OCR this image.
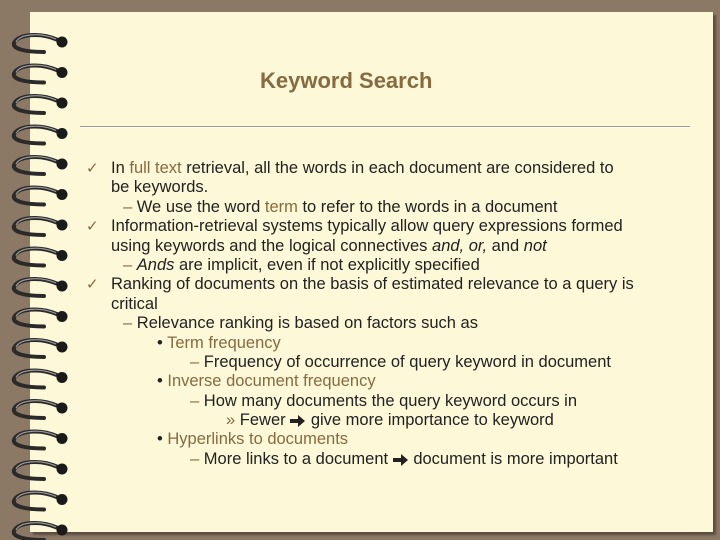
Keyword Search
✓ In full text retrieval, all the words in each document are considered to
be keywords.
– We use the word term to refer to the words in a document
✓ Information-retrieval systems typically allow query expressions formed
using keywords and the logical connectives and, or, and not
– Ands are implicit, even if not explicitly specified
✓ Ranking of documents on the basis of estimated relevance to a query is
critical
– Relevance ranking is based on factors such as
• Term frequency
– Frequency of occurrence of query keyword in document
• Inverse document frequency
– How many documents the query keyword occurs in
» Fewer give more importance to keyword
• Hyperlinks to documents
– More links to a document document is more important
